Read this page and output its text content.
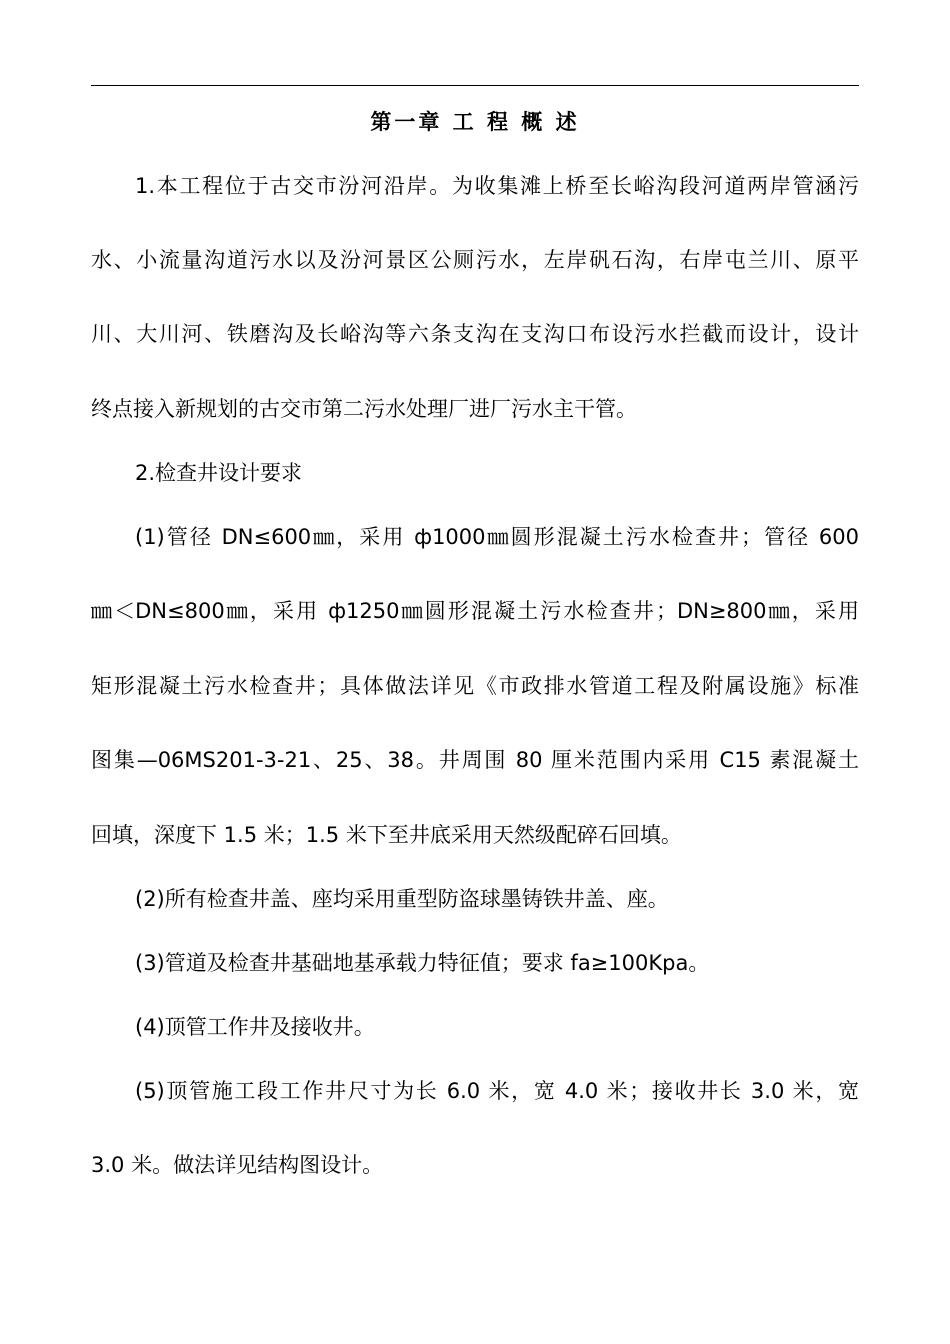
第一章 工 程 概 述
1.本工程位于古交市汾河沿岸。为收集滩上桥至长峪沟段河道两岸管涵污
水、小流量沟道污水以及汾河景区公厕污水，左岸矾石沟，右岸屯兰川、原平
川、大川河、铁磨沟及长峪沟等六条支沟在支沟口布设污水拦截而设计，设计
终点接入新规划的古交市第二污水处理厂进厂污水主干管。
2.检查井设计要求
(1)管径 DN≤600㎜，采用 ф1000㎜圆形混凝土污水检查井；管径 600
㎜＜DN≤800㎜，采用 ф1250㎜圆形混凝土污水检查井；DN≥800㎜，采用
矩形混凝土污水检查井；具体做法详见《市政排水管道工程及附属设施》标准
图集—06MS201-3-21、25、38。井周围 80 厘米范围内采用 C15 素混凝土
回填，深度下 1.5 米；1.5 米下至井底采用天然级配碎石回填。
(2)所有检查井盖、座均采用重型防盗球墨铸铁井盖、座。
(3)管道及检查井基础地基承载力特征值；要求 fa≥100Kpa。
(4)顶管工作井及接收井。
(5)顶管施工段工作井尺寸为长 6.0 米，宽 4.0 米；接收井长 3.0 米，宽
3.0 米。做法详见结构图设计。
